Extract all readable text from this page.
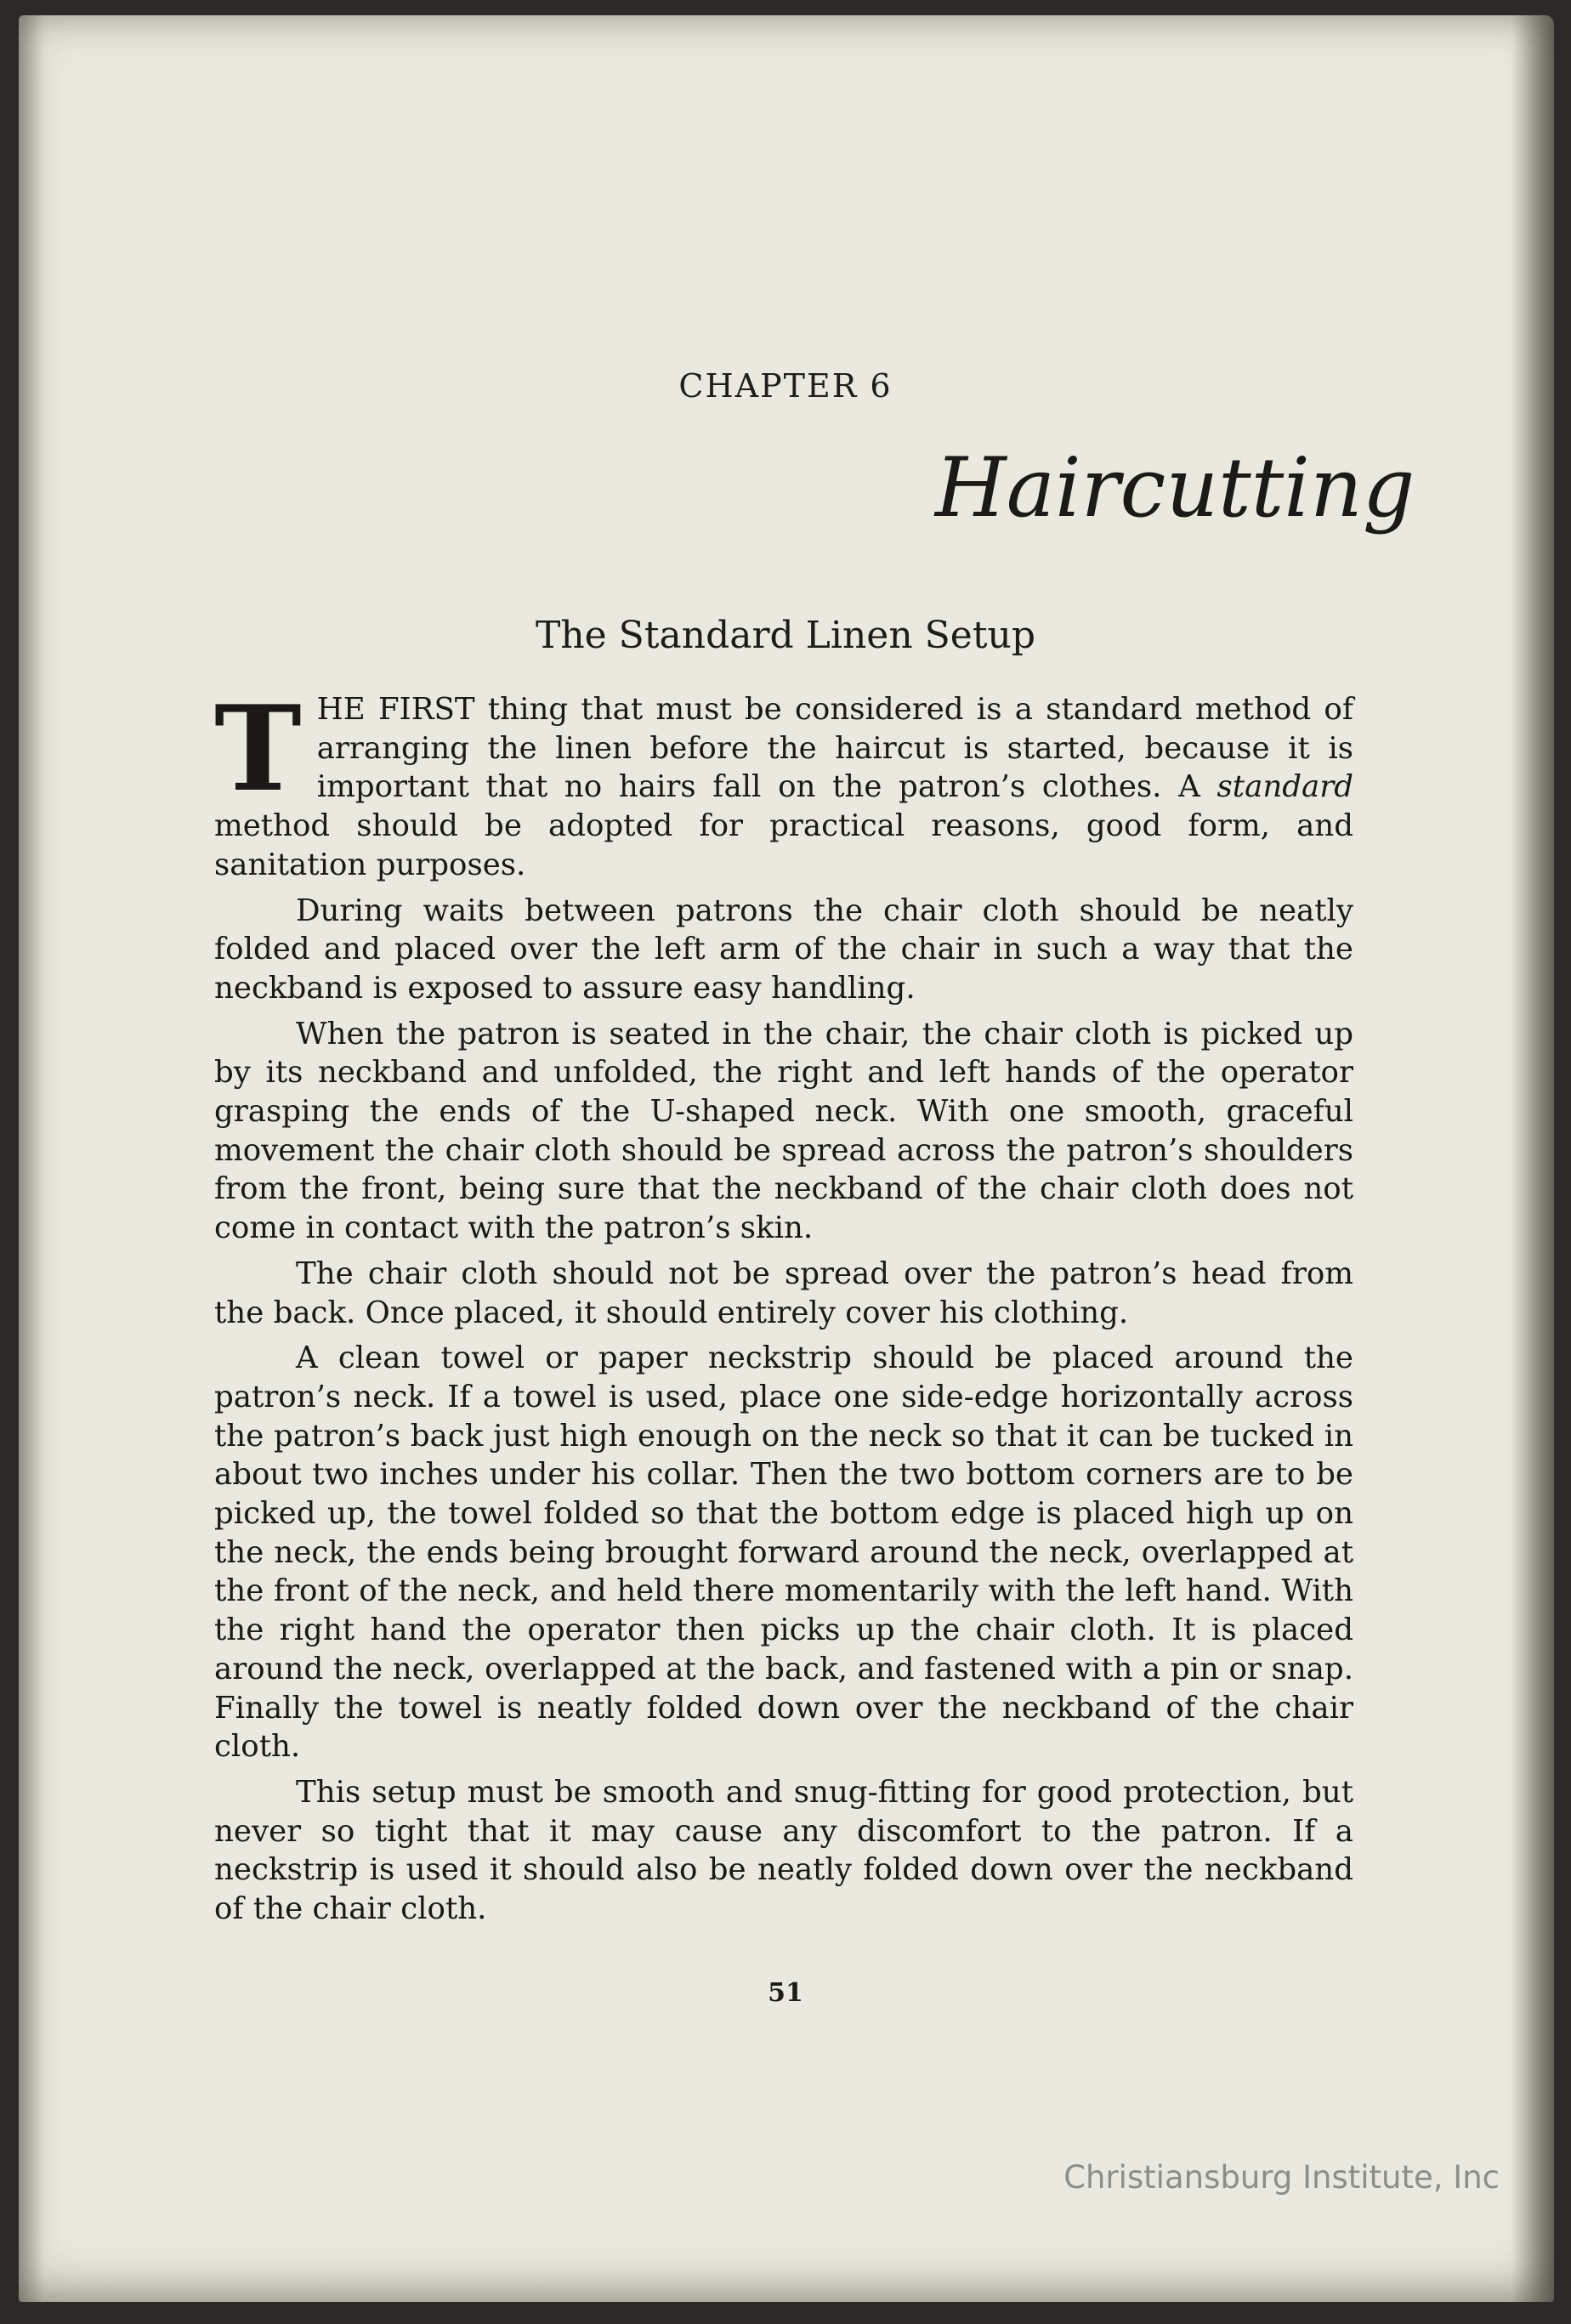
CHAPTER 6
Haircutting
The Standard Linen Setup

THE FIRST thing that must be considered is a standard method of arranging the linen before the haircut is started, because it is important that no hairs fall on the patron’s clothes. A standard method should be adopted for practical reasons, good form, and sanitation purposes.

During waits between patrons the chair cloth should be neatly folded and placed over the left arm of the chair in such a way that the neckband is exposed to assure easy handling.

When the patron is seated in the chair, the chair cloth is picked up by its neckband and unfolded, the right and left hands of the operator grasping the ends of the U-shaped neck. With one smooth, graceful movement the chair cloth should be spread across the patron’s shoulders from the front, being sure that the neckband of the chair cloth does not come in contact with the patron’s skin.

The chair cloth should not be spread over the patron’s head from the back. Once placed, it should entirely cover his clothing.

A clean towel or paper neckstrip should be placed around the patron’s neck. If a towel is used, place one side-edge horizontally across the patron’s back just high enough on the neck so that it can be tucked in about two inches under his collar. Then the two bottom corners are to be picked up, the towel folded so that the bottom edge is placed high up on the neck, the ends being brought forward around the neck, overlapped at the front of the neck, and held there momentarily with the left hand. With the right hand the operator then picks up the chair cloth. It is placed around the neck, overlapped at the back, and fastened with a pin or snap. Finally the towel is neatly folded down over the neckband of the chair cloth.

This setup must be smooth and snug-fitting for good protection, but never so tight that it may cause any discomfort to the patron. If a neckstrip is used it should also be neatly folded down over the neckband of the chair cloth.

51
Christiansburg Institute, Inc
